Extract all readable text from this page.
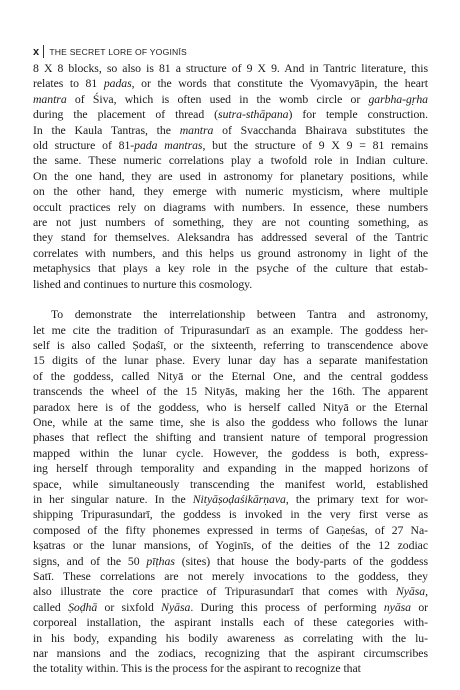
x THE SECRET LORE OF YOGINĪS
8 X 8 blocks, so also is 81 a structure of 9 X 9. And in Tantric literature, this
relates to 81 padas, or the words that constitute the Vyomavyāpin, the heart
mantra of Śiva, which is often used in the womb circle or garbha-gṛha
during the placement of thread (sutra-sthāpana) for temple construction.
In the Kaula Tantras, the mantra of Svacchanda Bhairava substitutes the
old structure of 81-pada mantras, but the structure of 9 X 9 = 81 remains
the same. These numeric correlations play a twofold role in Indian culture.
On the one hand, they are used in astronomy for planetary positions, while
on the other hand, they emerge with numeric mysticism, where multiple
occult practices rely on diagrams with numbers. In essence, these numbers
are not just numbers of something, they are not counting something, as
they stand for themselves. Aleksandra has addressed several of the Tantric
correlates with numbers, and this helps us ground astronomy in light of the
metaphysics that plays a key role in the psyche of the culture that estab-
lished and continues to nurture this cosmology.
To demonstrate the interrelationship between Tantra and astronomy,
let me cite the tradition of Tripurasundarī as an example. The goddess her-
self is also called Ṣoḍaśī, or the sixteenth, referring to transcendence above
15 digits of the lunar phase. Every lunar day has a separate manifestation
of the goddess, called Nityā or the Eternal One, and the central goddess
transcends the wheel of the 15 Nityās, making her the 16th. The apparent
paradox here is of the goddess, who is herself called Nityā or the Eternal
One, while at the same time, she is also the goddess who follows the lunar
phases that reflect the shifting and transient nature of temporal progression
mapped within the lunar cycle. However, the goddess is both, express-
ing herself through temporality and expanding in the mapped horizons of
space, while simultaneously transcending the manifest world, established
in her singular nature. In the Nityāṣoḍaśikārṇava, the primary text for wor-
shipping Tripurasundarī, the goddess is invoked in the very first verse as
composed of the fifty phonemes expressed in terms of Gaṇeśas, of 27 Na-
kṣatras or the lunar mansions, of Yoginīs, of the deities of the 12 zodiac
signs, and of the 50 pīṭhas (sites) that house the body-parts of the goddess
Satī. These correlations are not merely invocations to the goddess, they
also illustrate the core practice of Tripurasundarī that comes with Nyāsa,
called Ṣoḍhā or sixfold Nyāsa. During this process of performing nyāsa or
corporeal installation, the aspirant installs each of these categories with-
in his body, expanding his bodily awareness as correlating with the lu-
nar mansions and the zodiacs, recognizing that the aspirant circumscribes
the totality within. This is the process for the aspirant to recognize that
